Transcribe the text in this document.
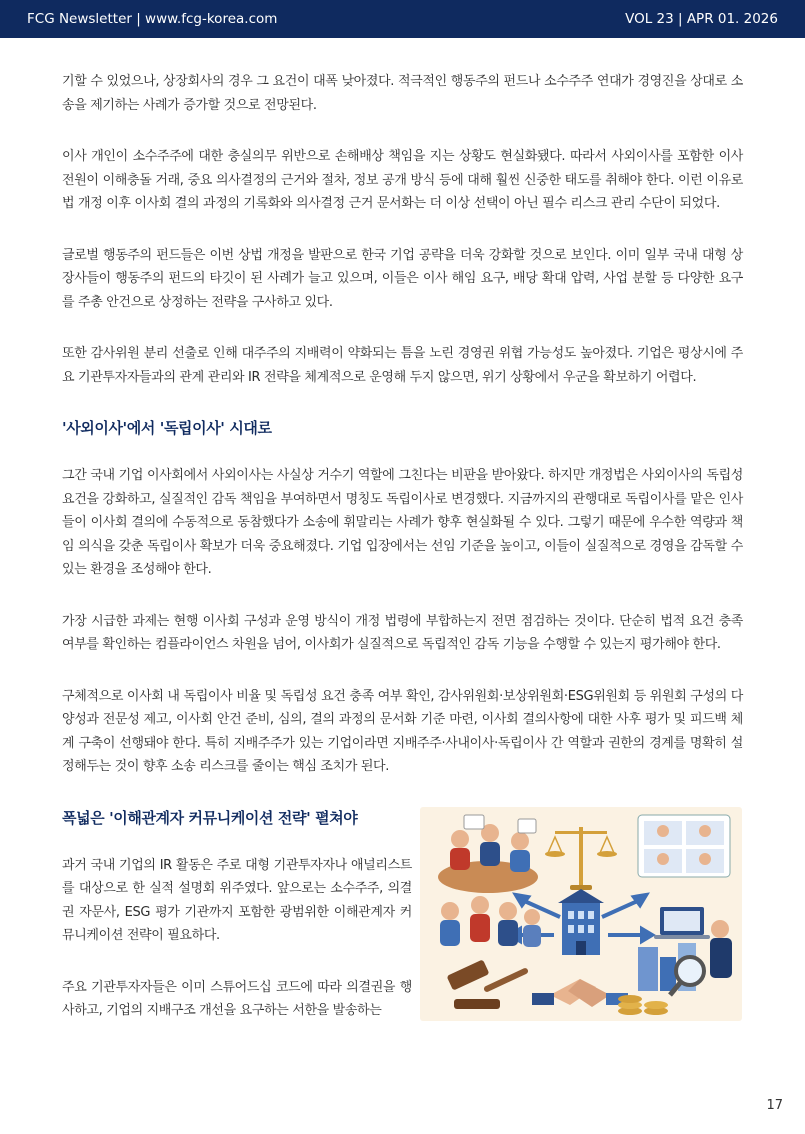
FCG Newsletter | www.fcg-korea.com	VOL 23 | APR 01. 2026

기할 수 있었으나, 상장회사의 경우 그 요건이 대폭 낮아졌다. 적극적인 행동주의 펀드나 소수주주 연대가 경영진을 상대로 소송을 제기하는 사례가 증가할 것으로 전망된다.

이사 개인이 소수주주에 대한 충실의무 위반으로 손해배상 책임을 지는 상황도 현실화됐다. 따라서 사외이사를 포함한 이사 전원이 이해충돌 거래, 중요 의사결정의 근거와 절차, 정보 공개 방식 등에 대해 훨씬 신중한 태도를 취해야 한다. 이런 이유로 법 개정 이후 이사회 결의 과정의 기록화와 의사결정 근거 문서화는 더 이상 선택이 아닌 필수 리스크 관리 수단이 되었다.

글로벌 행동주의 펀드들은 이번 상법 개정을 발판으로 한국 기업 공략을 더욱 강화할 것으로 보인다. 이미 일부 국내 대형 상장사들이 행동주의 펀드의 타깃이 된 사례가 늘고 있으며, 이들은 이사 해임 요구, 배당 확대 압력, 사업 분할 등 다양한 요구를 주총 안건으로 상정하는 전략을 구사하고 있다.

또한 감사위원 분리 선출로 인해 대주주의 지배력이 약화되는 틈을 노린 경영권 위협 가능성도 높아졌다. 기업은 평상시에 주요 기관투자자들과의 관계 관리와 IR 전략을 체계적으로 운영해 두지 않으면, 위기 상황에서 우군을 확보하기 어렵다.

'사외이사'에서 '독립이사' 시대로

그간 국내 기업 이사회에서 사외이사는 사실상 거수기 역할에 그친다는 비판을 받아왔다. 하지만 개정법은 사외이사의 독립성 요건을 강화하고, 실질적인 감독 책임을 부여하면서 명칭도 독립이사로 변경했다. 지금까지의 관행대로 독립이사를 맡은 인사들이 이사회 결의에 수동적으로 동참했다가 소송에 휘말리는 사례가 향후 현실화될 수 있다. 그렇기 때문에 우수한 역량과 책임 의식을 갖춘 독립이사 확보가 더욱 중요해졌다. 기업 입장에서는 선임 기준을 높이고, 이들이 실질적으로 경영을 감독할 수 있는 환경을 조성해야 한다.

가장 시급한 과제는 현행 이사회 구성과 운영 방식이 개정 법령에 부합하는지 전면 점검하는 것이다. 단순히 법적 요건 충족 여부를 확인하는 컴플라이언스 차원을 넘어, 이사회가 실질적으로 독립적인 감독 기능을 수행할 수 있는지 평가해야 한다.

구체적으로 이사회 내 독립이사 비율 및 독립성 요건 충족 여부 확인, 감사위원회·보상위원회·ESG위원회 등 위원회 구성의 다양성과 전문성 제고, 이사회 안건 준비, 심의, 결의 과정의 문서화 기준 마련, 이사회 결의사항에 대한 사후 평가 및 피드백 체계 구축이 선행돼야 한다. 특히 지배주주가 있는 기업이라면 지배주주·사내이사·독립이사 간 역할과 권한의 경계를 명확히 설정해두는 것이 향후 소송 리스크를 줄이는 핵심 조치가 된다.

폭넓은 '이해관계자 커뮤니케이션 전략' 펼쳐야

과거 국내 기업의 IR 활동은 주로 대형 기관투자자나 애널리스트를 대상으로 한 실적 설명회 위주였다. 앞으로는 소수주주, 의결권 자문사, ESG 평가 기관까지 포함한 광범위한 이해관계자 커뮤니케이션 전략이 필요하다.

주요 기관투자자들은 이미 스튜어드십 코드에 따라 의결권을 행사하고, 기업의 지배구조 개선을 요구하는 서한을 발송하는

17
